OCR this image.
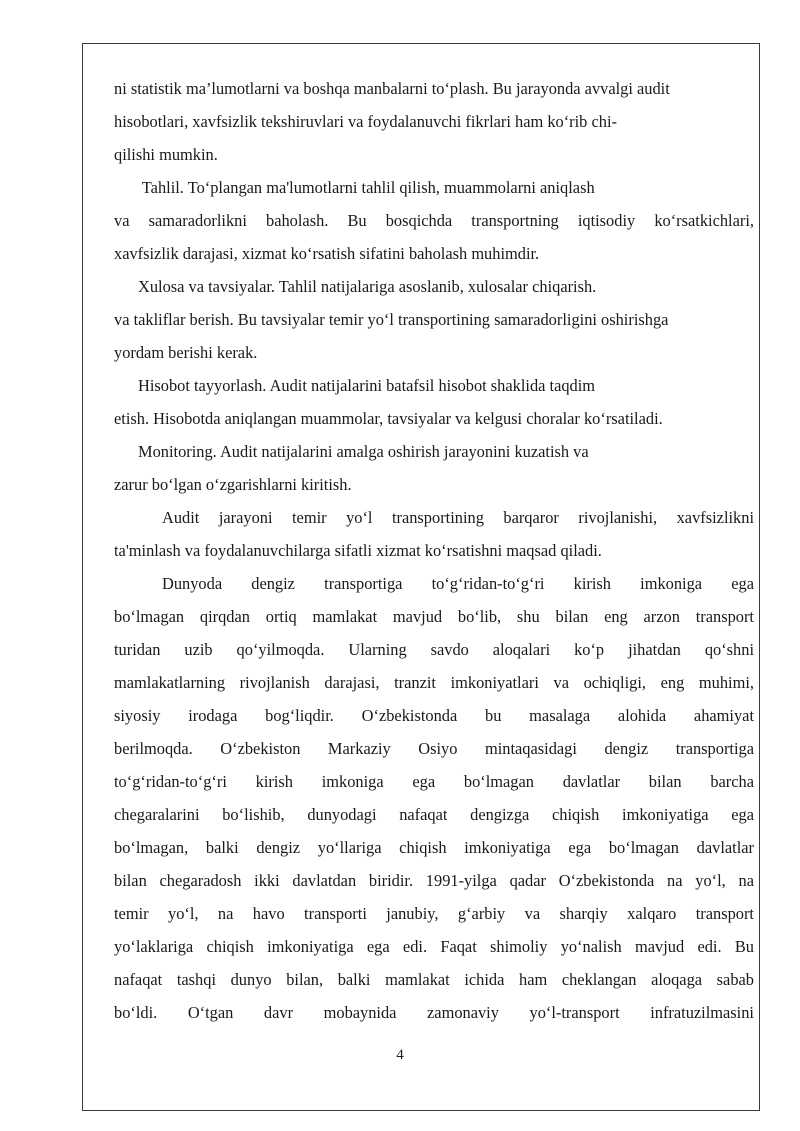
ni statistik ma’lumotlarni va boshqa manbalarni to‘plash. Bu jarayonda avvalgi audit
hisobotlari, xavfsizlik tekshiruvlari va foydalanuvchi fikrlari ham ko‘rib chi-
qilishi mumkin.
Tahlil. To‘plangan ma'lumotlarni tahlil qilish, muammolarni aniqlash
va samaradorlikni baholash. Bu bosqichda transportning iqtisodiy ko‘rsatkichlari,
xavfsizlik darajasi, xizmat ko‘rsatish sifatini baholash muhimdir.
Xulosa va tavsiyalar. Tahlil natijalariga asoslanib, xulosalar chiqarish.
va takliflar berish. Bu tavsiyalar temir yo‘l transportining samaradorligini oshirishga
yordam berishi kerak.
Hisobot tayyorlash. Audit natijalarini batafsil hisobot shaklida taqdim
etish. Hisobotda aniqlangan muammolar, tavsiyalar va kelgusi choralar ko‘rsatiladi.
Monitoring. Audit natijalarini amalga oshirish jarayonini kuzatish va
zarur bo‘lgan o‘zgarishlarni kiritish.
Audit jarayoni temir yo‘l transportining barqaror rivojlanishi, xavfsizlikni
ta'minlash va foydalanuvchilarga sifatli xizmat ko‘rsatishni maqsad qiladi.
Dunyoda dengiz transportiga to‘g‘ridan-to‘g‘ri kirish imkoniga ega
bo‘lmagan qirqdan ortiq mamlakat mavjud bo‘lib, shu bilan eng arzon transport
turidan uzib qo‘yilmoqda. Ularning savdo aloqalari ko‘p jihatdan qo‘shni
mamlakatlarning rivojlanish darajasi, tranzit imkoniyatlari va ochiqligi, eng muhimi,
siyosiy irodaga bog‘liqdir. O‘zbekistonda bu masalaga alohida ahamiyat
berilmoqda. O‘zbekiston Markaziy Osiyo mintaqasidagi dengiz transportiga
to‘g‘ridan-to‘g‘ri kirish imkoniga ega bo‘lmagan davlatlar bilan barcha
chegaralarini bo‘lishib, dunyodagi nafaqat dengizga chiqish imkoniyatiga ega
bo‘lmagan, balki dengiz yo‘llariga chiqish imkoniyatiga ega bo‘lmagan davlatlar
bilan chegaradosh ikki davlatdan biridir. 1991-yilga qadar O‘zbekistonda na yo‘l, na
temir yo‘l, na havo transporti janubiy, g‘arbiy va sharqiy xalqaro transport
yo‘laklariga chiqish imkoniyatiga ega edi. Faqat shimoliy yo‘nalish mavjud edi. Bu
nafaqat tashqi dunyo bilan, balki mamlakat ichida ham cheklangan aloqaga sabab
bo‘ldi. O‘tgan davr mobaynida zamonaviy yo‘l-transport infratuzilmasini
4
